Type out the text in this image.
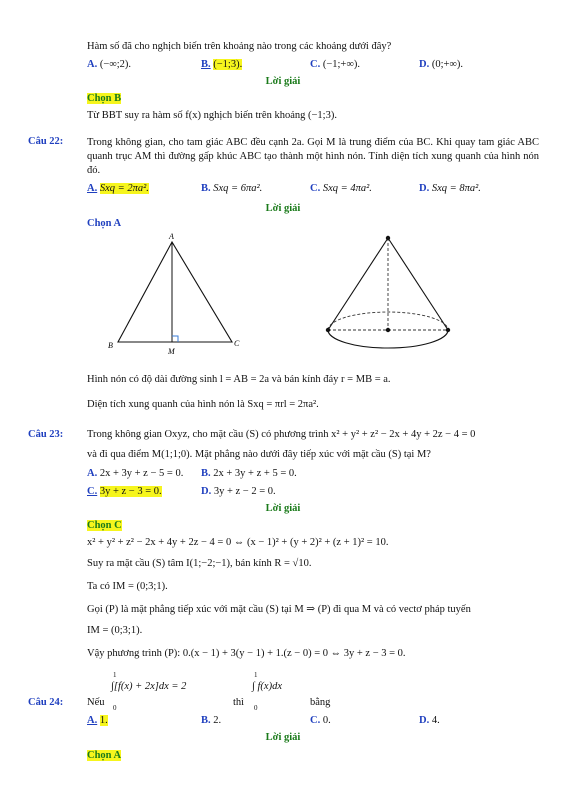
Hàm số đã cho nghịch biến trên khoảng nào trong các khoảng dưới đây?
A. (−∞;2).	B. (−1;3).	C. (−1;+∞).	D. (0;+∞).
Lời giải
Chọn B
Từ BBT suy ra hàm số f(x) nghịch biến trên khoảng (−1;3).
Câu 22: Trong không gian, cho tam giác ABC đều cạnh 2a. Gọi M là trung điểm của BC. Khi quay tam giác ABC quanh trục AM thì đường gấp khúc ABC tạo thành một hình nón. Tính diện tích xung quanh của hình nón đó.
A. Sxq = 2πa².	B. Sxq = 6πa².	C. Sxq = 4πa².	D. Sxq = 8πa².
Lời giải
Chọn A
A
B	C
M
Hình nón có độ dài đường sinh l = AB = 2a và bán kính đáy r = MB = a.
Diện tích xung quanh của hình nón là Sxq = πrl = 2πa².
Câu 23: Trong không gian Oxyz, cho mặt cầu (S) có phương trình x² + y² + z² − 2x + 4y + 2z − 4 = 0
và đi qua điểm M(1;1;0). Mặt phẳng nào dưới đây tiếp xúc với mặt cầu (S) tại M?
A. 2x + 3y + z − 5 = 0. B. 2x + 3y + z + 5 = 0.
C. 3y + z − 3 = 0.	D. 3y + z − 2 = 0.
Lời giải
Chọn C
x² + y² + z² − 2x + 4y + 2z − 4 = 0 ⇔ (x − 1)² + (y + 2)² + (z + 1)² = 10.
Suy ra mặt cầu (S) tâm I(1;−2;−1), bán kính R = √10.
Ta có IM = (0;3;1).
Gọi (P) là mặt phẳng tiếp xúc với mặt cầu (S) tại M ⇒ (P) đi qua M và có vectơ pháp tuyến
IM = (0;3;1).
Vậy phương trình (P): 0.(x − 1) + 3(y − 1) + 1.(z − 0) = 0 ⇔ 3y + z − 3 = 0.
Câu 24: Nếu
1
0
∫[f(x) + 2x]dx = 2
thì
1
0
∫ f(x)dx
bằng
A. 1.	B. 2.	C. 0.	D. 4.
Lời giải
Chọn A
